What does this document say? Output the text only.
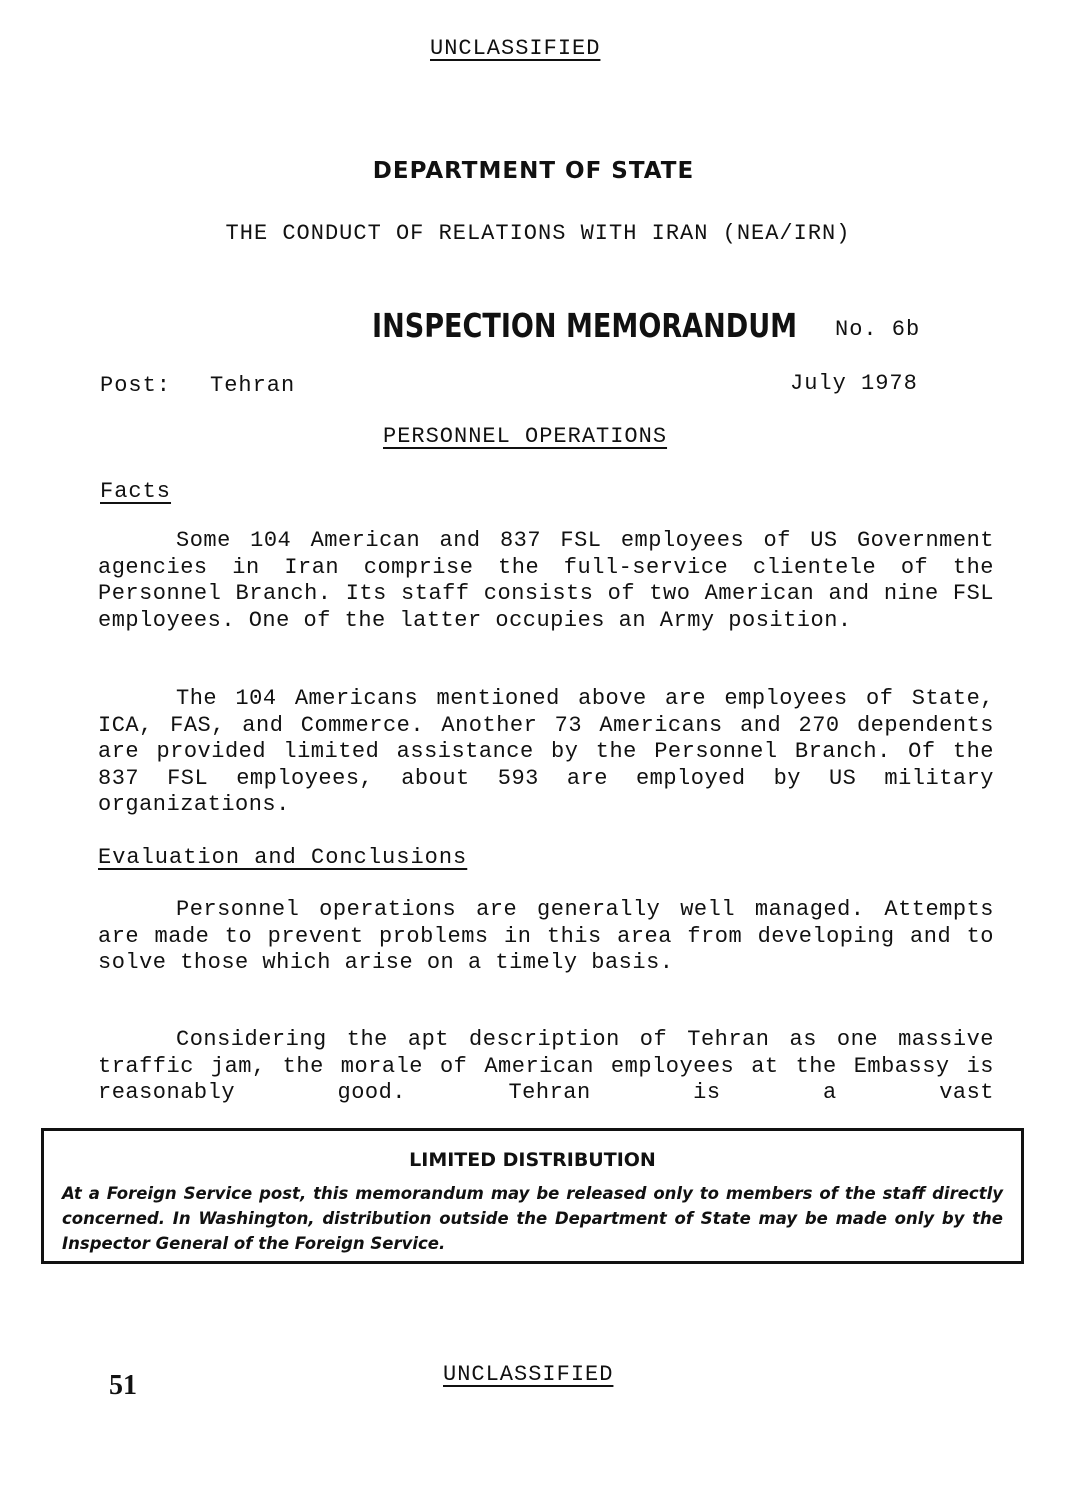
UNCLASSIFIED
DEPARTMENT OF STATE
THE CONDUCT OF RELATIONS WITH IRAN (NEA/IRN)
INSPECTION MEMORANDUM No. 6b
Post: Tehran	July 1978
PERSONNEL OPERATIONS
Facts

Some 104 American and 837 FSL employees of US Government agencies in Iran comprise the full-service clientele of the Personnel Branch. Its staff consists of two American and nine FSL employees. One of the latter occupies an Army position.

The 104 Americans mentioned above are employees of State, ICA, FAS, and Commerce. Another 73 Americans and 270 dependents are provided limited assistance by the Personnel Branch. Of the 837 FSL employees, about 593 are employed by US military organizations.

Evaluation and Conclusions

Personnel operations are generally well managed. Attempts are made to prevent problems in this area from developing and to solve those which arise on a timely basis.

Considering the apt description of Tehran as one massive traffic jam, the morale of American employees at the Embassy is reasonably good. Tehran is a vast

LIMITED DISTRIBUTION

At a Foreign Service post, this memorandum may be released only to members of the staff directly concerned. In Washington, distribution outside the Department of State may be made only by the Inspector General of the Foreign Service.

51	UNCLASSIFIED
